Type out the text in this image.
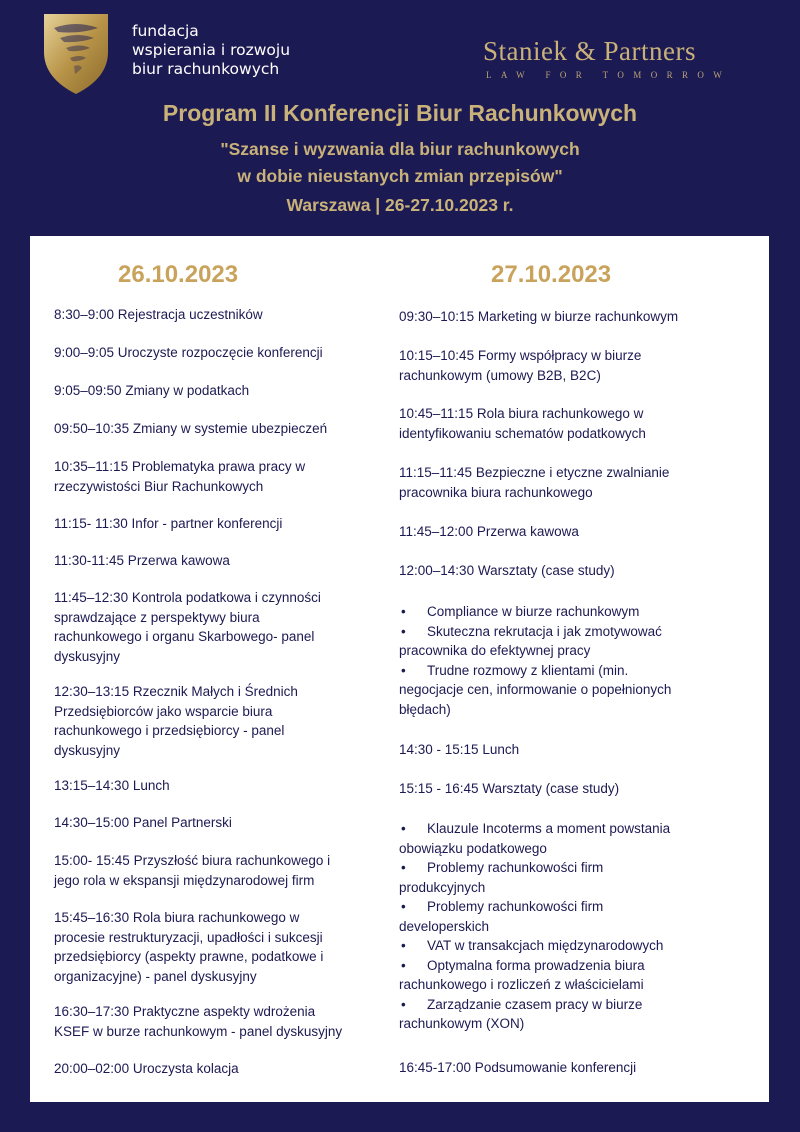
fundacja
wspierania i rozwoju
biur rachunkowych
Staniek & Partners
LAW FOR TOMORROW
Program II Konferencji Biur Rachunkowych
"Szanse i wyzwania dla biur rachunkowych
w dobie nieustanych zmian przepisów"
Warszawa | 26-27.10.2023 r.
26.10.2023
8:30–9:00 Rejestracja uczestników
9:00–9:05 Uroczyste rozpoczęcie konferencji
9:05–09:50 Zmiany w podatkach
09:50–10:35 Zmiany w systemie ubezpieczeń
10:35–11:15 Problematyka prawa pracy w
rzeczywistości Biur Rachunkowych
11:15- 11:30 Infor - partner konferencji
11:30-11:45 Przerwa kawowa
11:45–12:30 Kontrola podatkowa i czynności
sprawdzające z perspektywy biura
rachunkowego i organu Skarbowego- panel
dyskusyjny
12:30–13:15 Rzecznik Małych i Średnich
Przedsiębiorców jako wsparcie biura
rachunkowego i przedsiębiorcy - panel
dyskusyjny
13:15–14:30 Lunch
14:30–15:00 Panel Partnerski
15:00- 15:45 Przyszłość biura rachunkowego i
jego rola w ekspansji międzynarodowej firm
15:45–16:30 Rola biura rachunkowego w
procesie restrukturyzacji, upadłości i sukcesji
przedsiębiorcy (aspekty prawne, podatkowe i
organizacyjne) - panel dyskusyjny
16:30–17:30 Praktyczne aspekty wdrożenia
KSEF w burze rachunkowym - panel dyskusyjny
20:00–02:00 Uroczysta kolacja
27.10.2023
09:30–10:15 Marketing w biurze rachunkowym
10:15–10:45 Formy współpracy w biurze
rachunkowym (umowy B2B, B2C)
10:45–11:15 Rola biura rachunkowego w
identyfikowaniu schematów podatkowych
11:15–11:45 Bezpieczne i etyczne zwalnianie
pracownika biura rachunkowego
11:45–12:00 Przerwa kawowa
12:00–14:30 Warsztaty (case study)
• Compliance w biurze rachunkowym
• Skuteczna rekrutacja i jak zmotywować
pracownika do efektywnej pracy
• Trudne rozmowy z klientami (min.
negocjacje cen, informowanie o popełnionych
błędach)
14:30 - 15:15 Lunch
15:15 - 16:45 Warsztaty (case study)
• Klauzule Incoterms a moment powstania
obowiązku podatkowego
• Problemy rachunkowości firm
produkcyjnych
• Problemy rachunkowości firm
developerskich
• VAT w transakcjach międzynarodowych
• Optymalna forma prowadzenia biura
rachunkowego i rozliczeń z właścicielami
• Zarządzanie czasem pracy w biurze
rachunkowym (XON)
16:45-17:00 Podsumowanie konferencji
